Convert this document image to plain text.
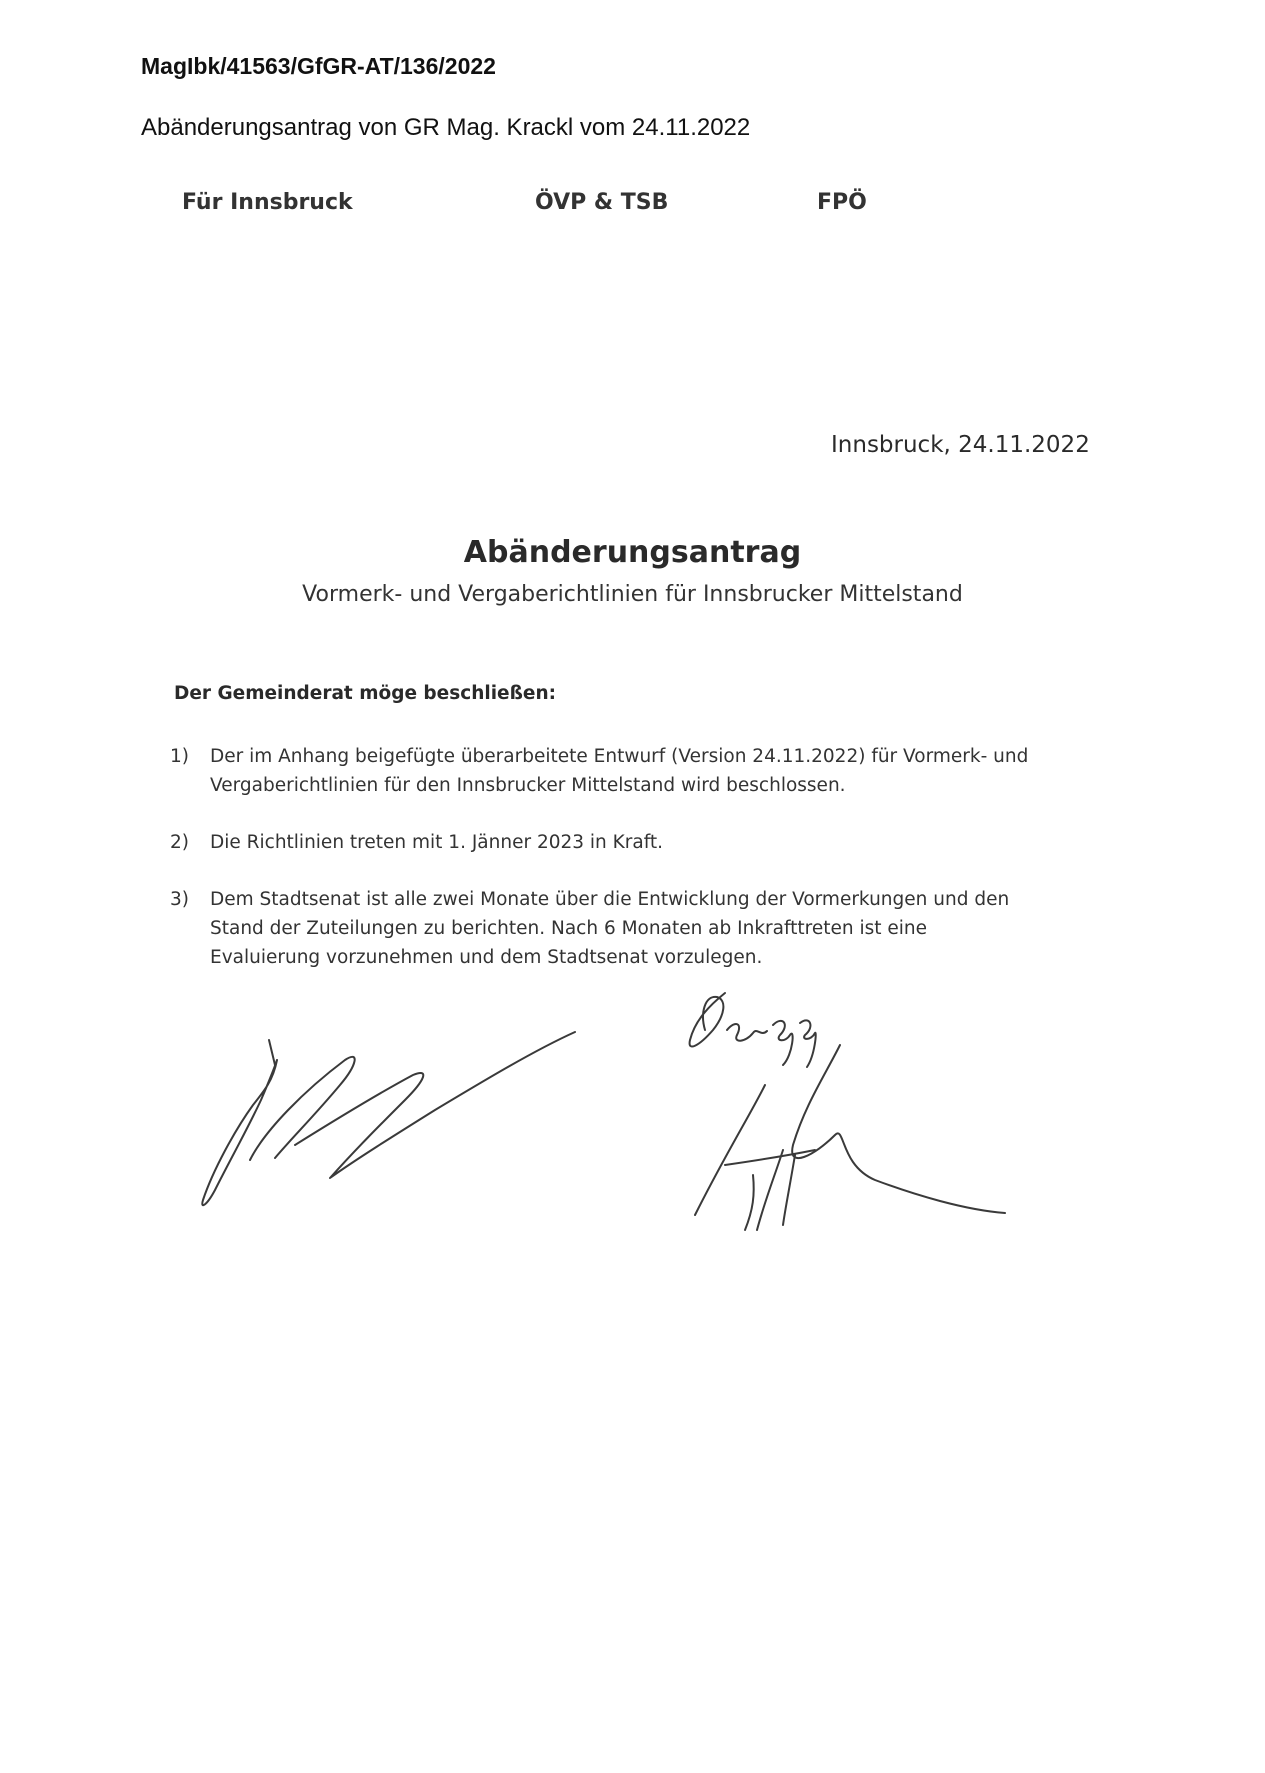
MagIbk/41563/GfGR-AT/136/2022
Abänderungsantrag von GR Mag. Krackl vom 24.11.2022
Für Innsbruck	ÖVP & TSB	FPÖ
Innsbruck, 24.11.2022
Abänderungsantrag
Vormerk- und Vergaberichtlinien für Innsbrucker Mittelstand
Der Gemeinderat möge beschließen:
1)	Der im Anhang beigefügte überarbeitete Entwurf (Version 24.11.2022) für Vormerk- und
Vergaberichtlinien für den Innsbrucker Mittelstand wird beschlossen.
2)	Die Richtlinien treten mit 1. Jänner 2023 in Kraft.
3)	Dem Stadtsenat ist alle zwei Monate über die Entwicklung der Vormerkungen und den
Stand der Zuteilungen zu berichten. Nach 6 Monaten ab Inkrafttreten ist eine
Evaluierung vorzunehmen und dem Stadtsenat vorzulegen.
